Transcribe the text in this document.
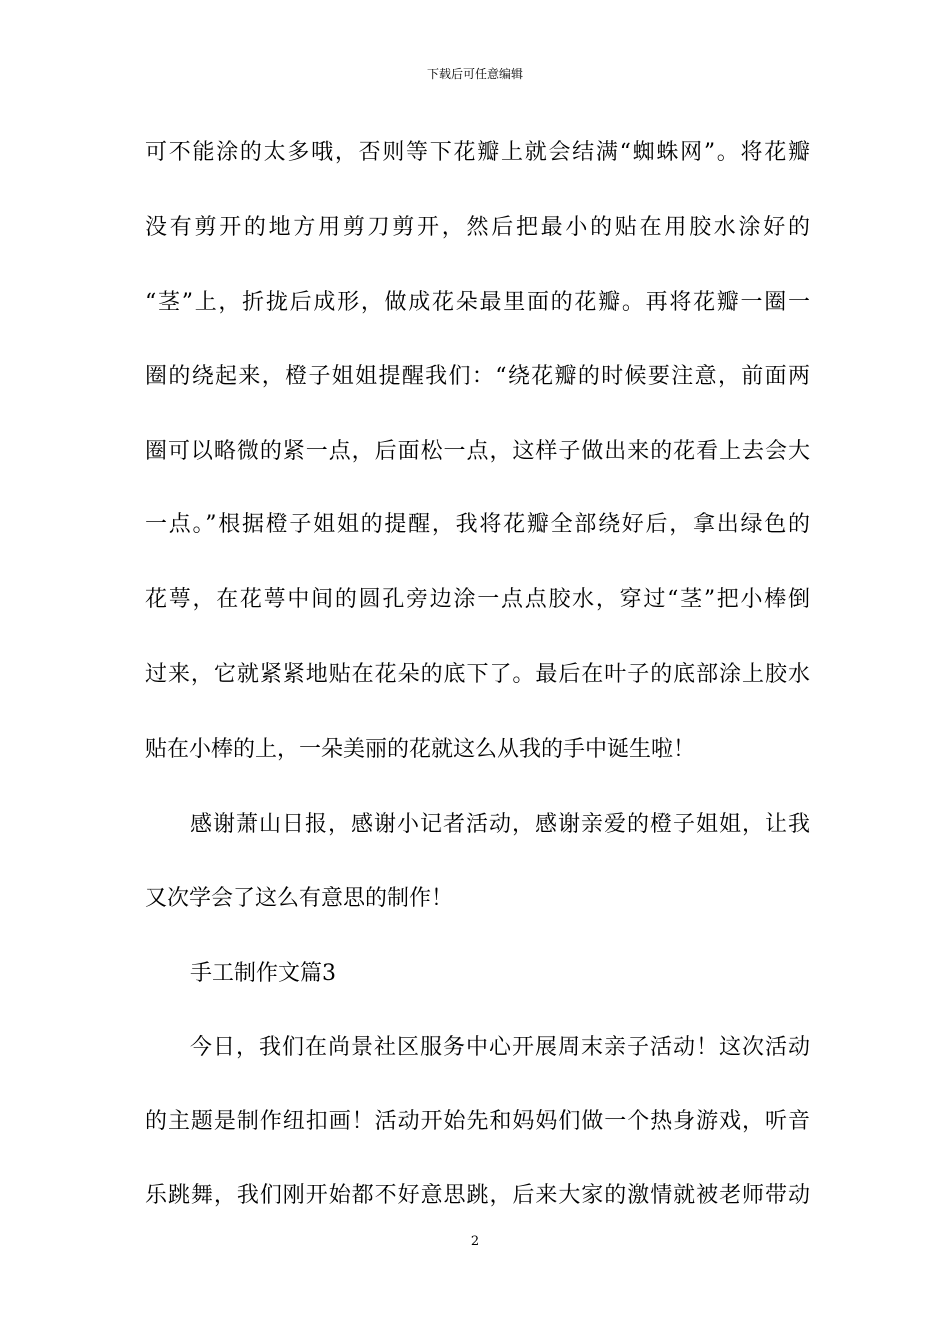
下载后可任意编辑
可不能涂的太多哦，否则等下花瓣上就会结满“蜘蛛网”。将花瓣
没有剪开的地方用剪刀剪开，然后把最小的贴在用胶水涂好的
“茎”上，折拢后成形，做成花朵最里面的花瓣。再将花瓣一圈一
圈的绕起来，橙子姐姐提醒我们：“绕花瓣的时候要注意，前面两
圈可以略微的紧一点，后面松一点，这样子做出来的花看上去会大
一点。”根据橙子姐姐的提醒，我将花瓣全部绕好后，拿出绿色的
花萼，在花萼中间的圆孔旁边涂一点点胶水，穿过“茎”把小棒倒
过来，它就紧紧地贴在花朵的底下了。最后在叶子的底部涂上胶水
贴在小棒的上，一朵美丽的花就这么从我的手中诞生啦！
感谢萧山日报，感谢小记者活动，感谢亲爱的橙子姐姐，让我
又次学会了这么有意思的制作！
手工制作文篇3
今日，我们在尚景社区服务中心开展周末亲子活动！这次活动
的主题是制作纽扣画！活动开始先和妈妈们做一个热身游戏，听音
乐跳舞，我们刚开始都不好意思跳，后来大家的激情就被老师带动
2
